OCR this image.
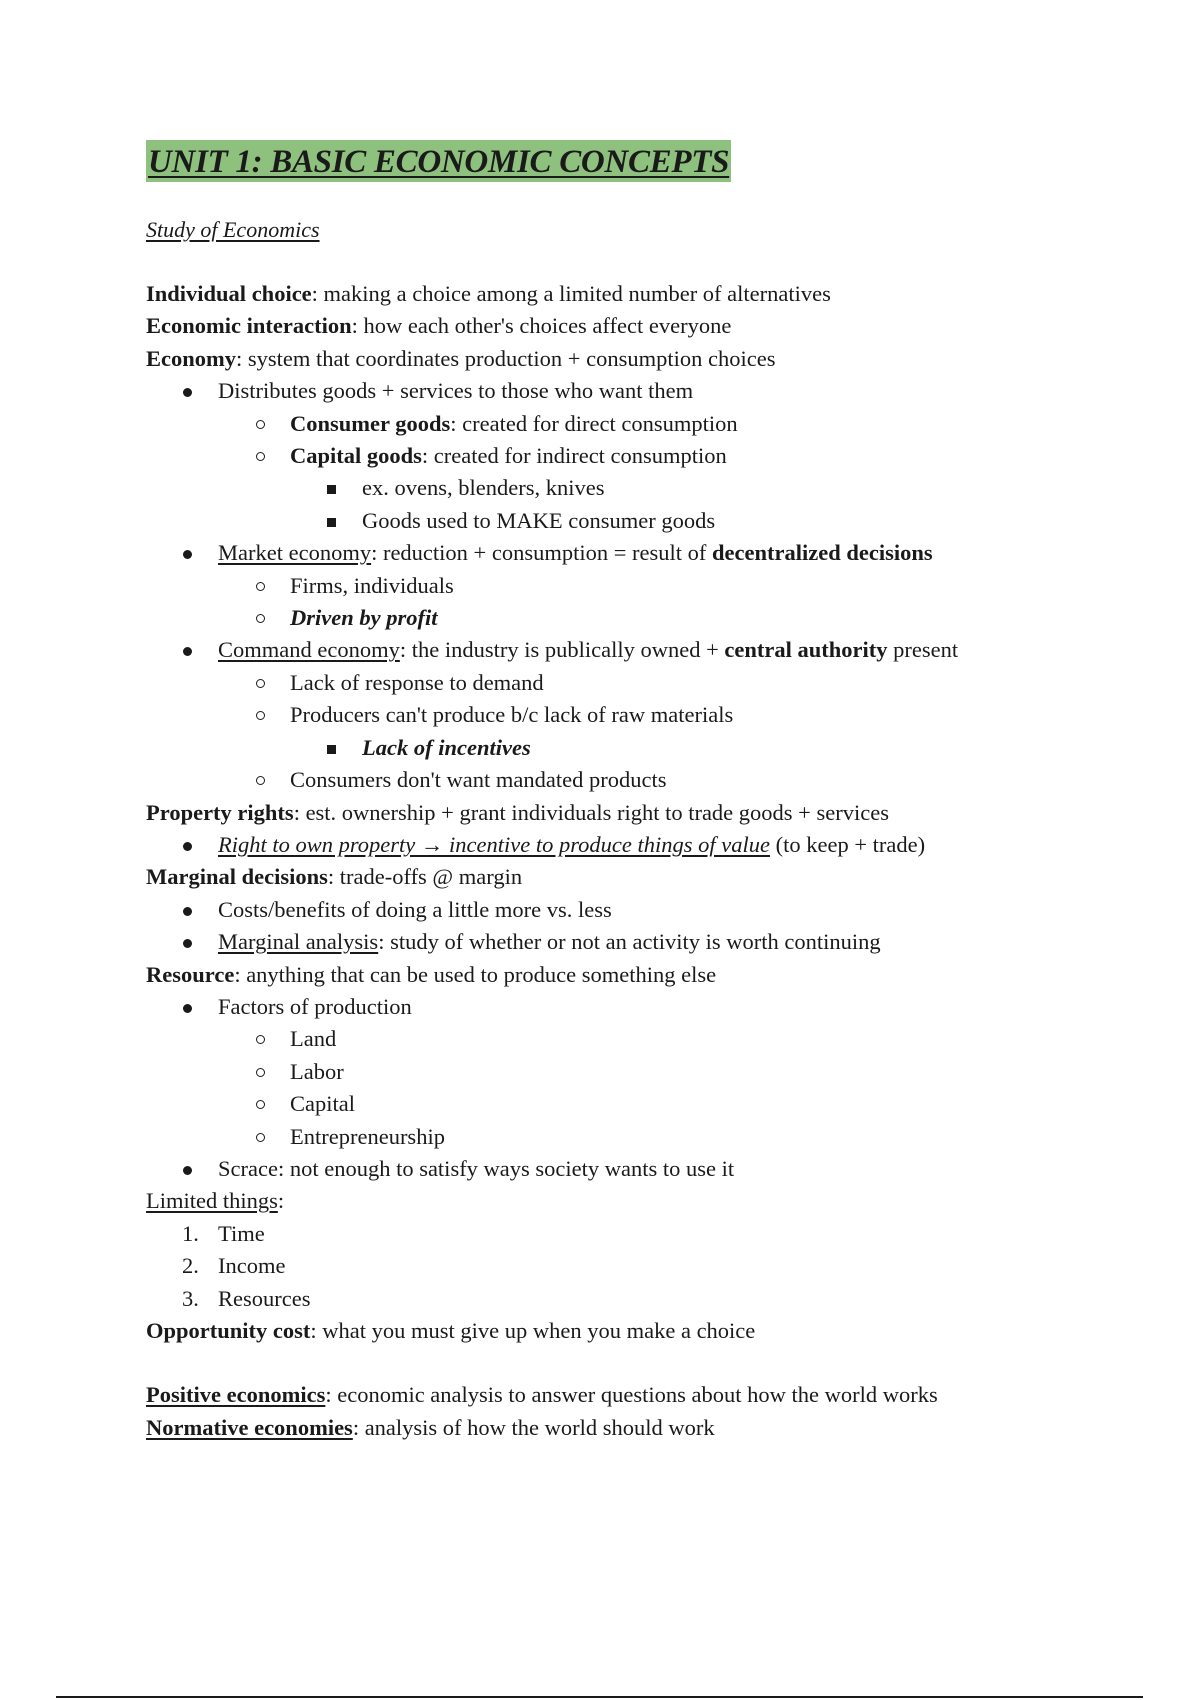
UNIT 1: BASIC ECONOMIC CONCEPTS
Study of Economics
Individual choice: making a choice among a limited number of alternatives
Economic interaction: how each other's choices affect everyone
Economy: system that coordinates production + consumption choices
Distributes goods + services to those who want them
Consumer goods: created for direct consumption
Capital goods: created for indirect consumption
ex. ovens, blenders, knives
Goods used to MAKE consumer goods
Market economy: reduction + consumption = result of decentralized decisions
Firms, individuals
Driven by profit
Command economy: the industry is publically owned + central authority present
Lack of response to demand
Producers can't produce b/c lack of raw materials
Lack of incentives
Consumers don't want mandated products
Property rights: est. ownership + grant individuals right to trade goods + services
Right to own property → incentive to produce things of value (to keep + trade)
Marginal decisions: trade-offs @ margin
Costs/benefits of doing a little more vs. less
Marginal analysis: study of whether or not an activity is worth continuing
Resource: anything that can be used to produce something else
Factors of production
Land
Labor
Capital
Entrepreneurship
Scrace: not enough to satisfy ways society wants to use it
Limited things:
1. Time
2. Income
3. Resources
Opportunity cost: what you must give up when you make a choice
Positive economics: economic analysis to answer questions about how the world works
Normative economies: analysis of how the world should work
